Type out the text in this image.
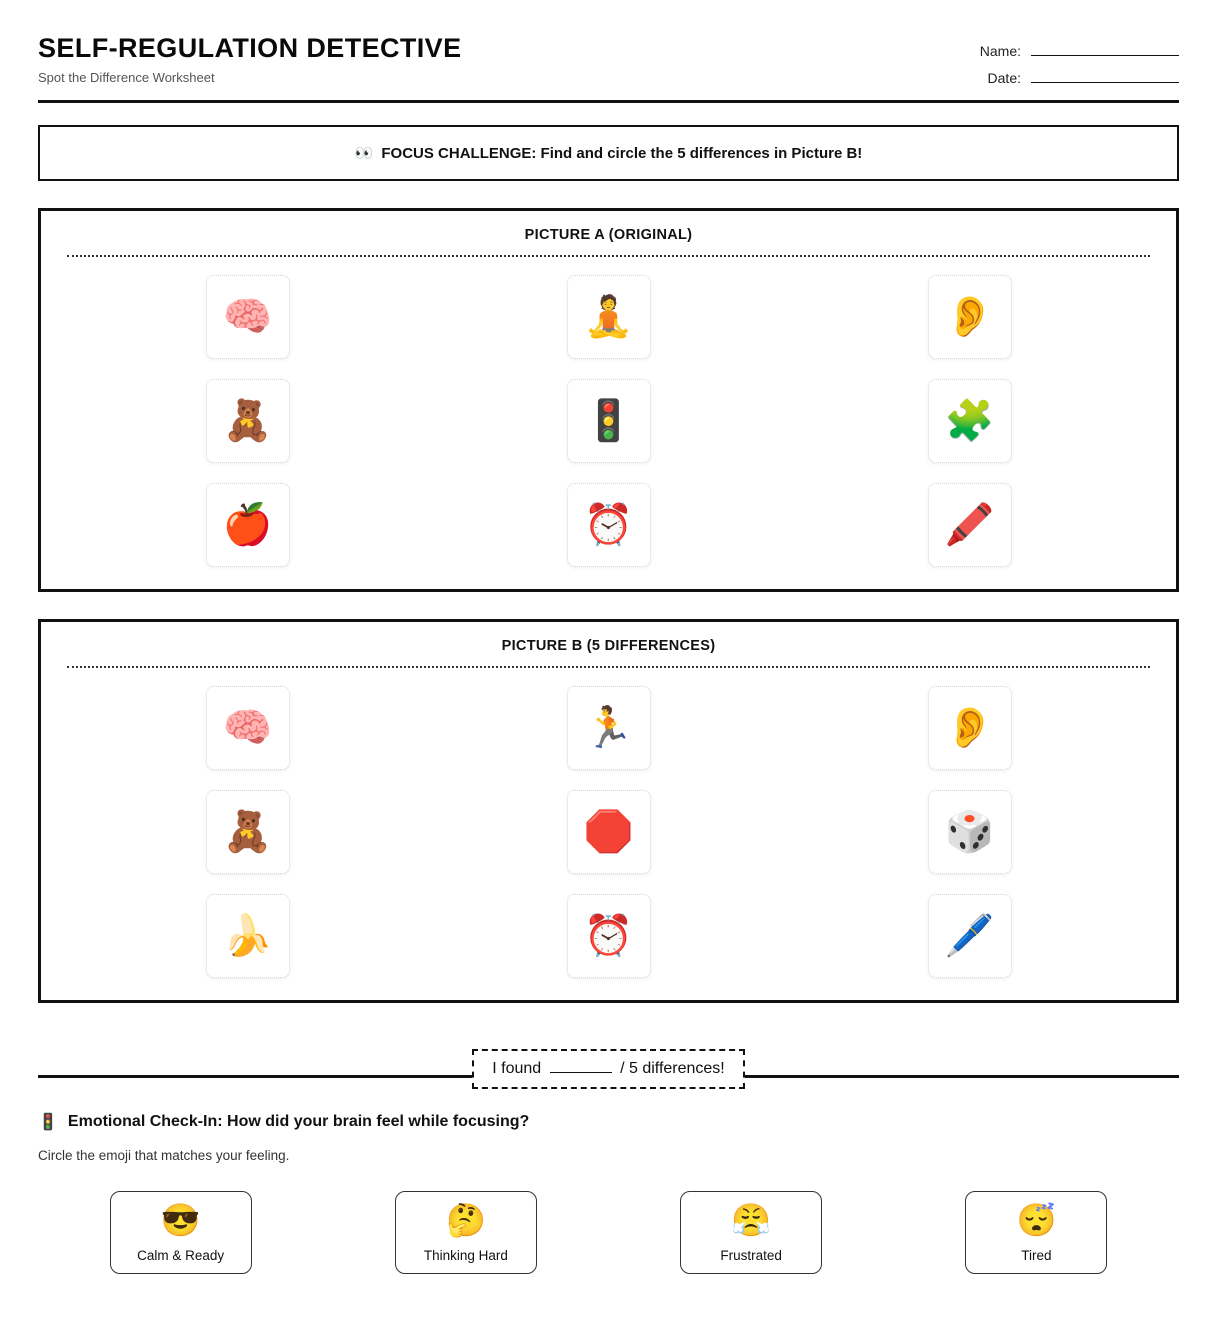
SELF-REGULATION DETECTIVE
Spot the Difference Worksheet
Name:
Date:
👀 FOCUS CHALLENGE: Find and circle the 5 differences in Picture B!
PICTURE A (ORIGINAL)
🧠	🧘	👂
🧸	🚦	🧩
🍎	⏰	🖍️
PICTURE B (5 DIFFERENCES)
🧠	🏃	👂
🧸	🛑	🎲
🍌	⏰	🖊️
I found	/ 5 differences!
🚦 Emotional Check-In: How did your brain feel while focusing?
Circle the emoji that matches your feeling.
😎
Calm & Ready
🤔
Thinking Hard
😤
Frustrated
😴
Tired
